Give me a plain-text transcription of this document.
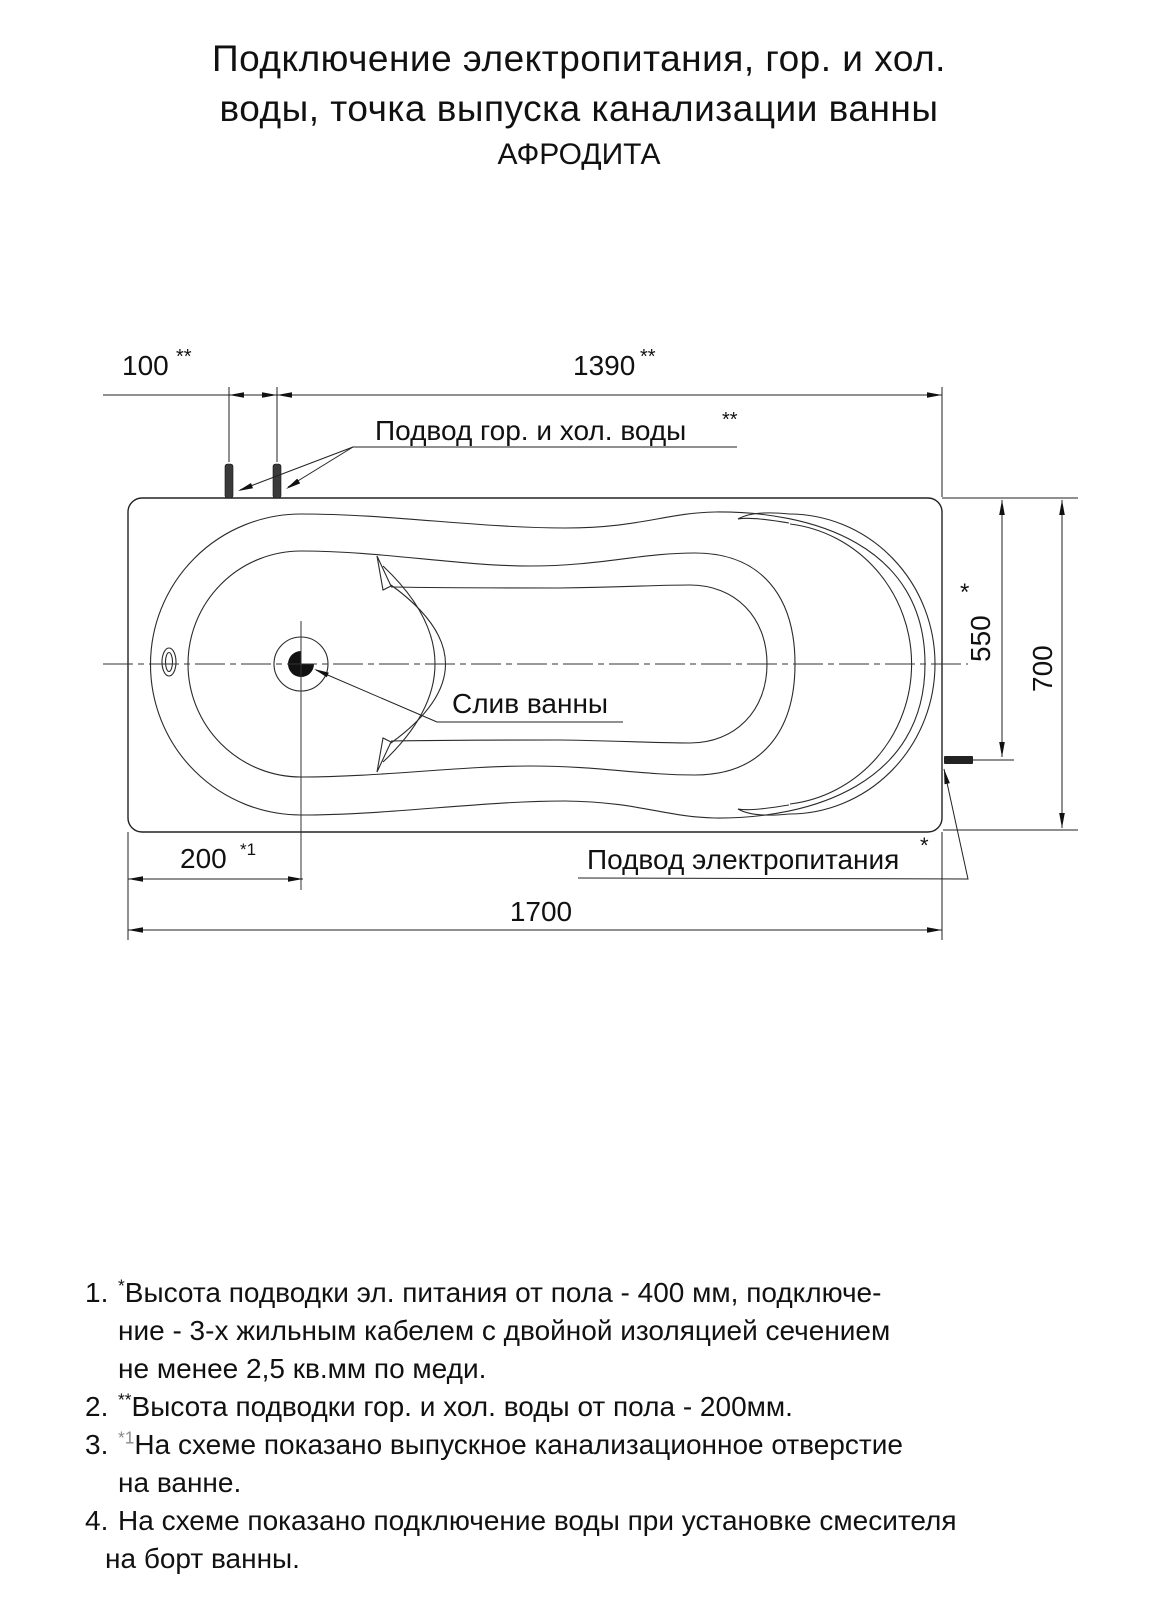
Подключение электропитания, гор. и хол.
воды, точка выпуска канализации ванны
АФРОДИТА
100 **	1390 **
550
*
700
200 *1
1700
Подвод гор. и хол. воды **
Слив ванны
Подвод электропитания *
1. *Высота подводки эл. питания от пола - 400 мм, подключе-
ние - 3-х жильным кабелем с двойной изоляцией сечением
не менее 2,5 кв.мм по меди.
2. **Высота подводки гор. и хол. воды от пола - 200мм.
3. $^{*1}$На схеме показано выпускное канализационное отверстие
на ванне.
4. На схеме показано подключение воды при установке смесителя
на борт ванны.
